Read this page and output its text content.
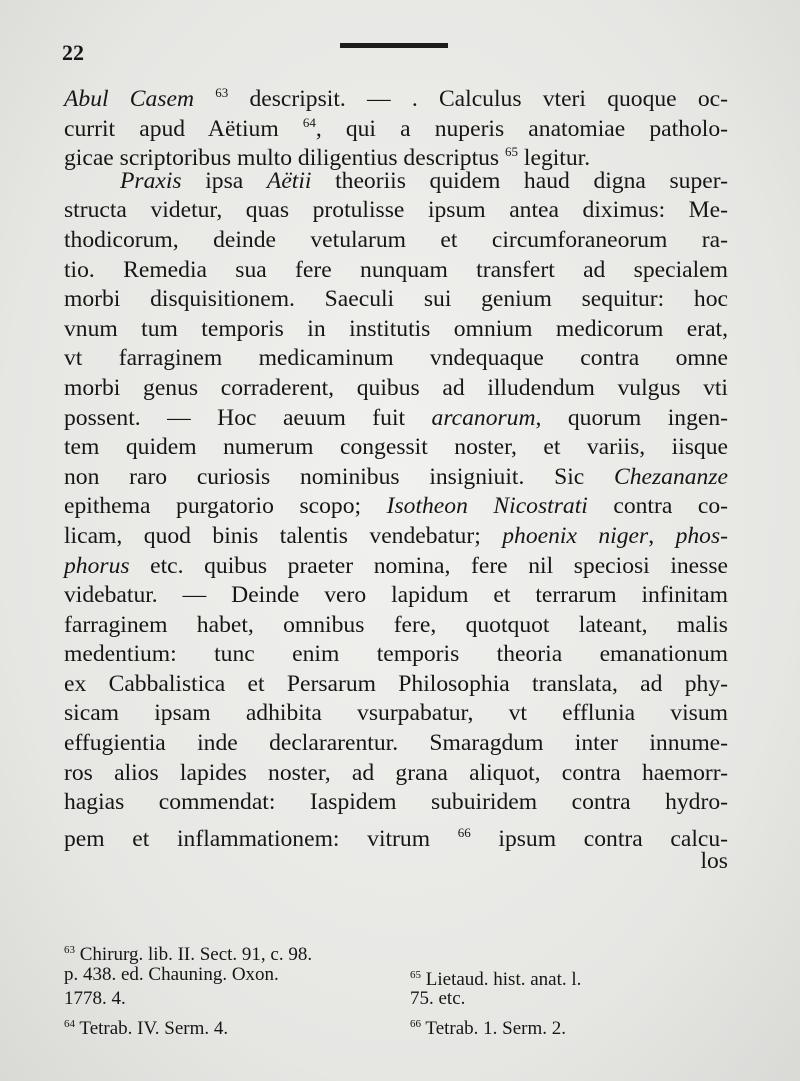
22
Abul Casem $^{63}$ descripsit. — . Calculus vteri quoque oc-
currit apud Aëtium $^{64}$, qui a nuperis anatomiae patholo-
gicae scriptoribus multo diligentius descriptus $^{65}$ legitur.
Praxis ipsa Aëtii theoriis quidem haud digna super-
structa videtur, quas protulisse ipsum antea diximus: Me-
thodicorum, deinde vetularum et circumforaneorum ra-
tio. Remedia sua fere nunquam transfert ad specialem
morbi disquisitionem. Saeculi sui genium sequitur: hoc
vnum tum temporis in institutis omnium medicorum erat,
vt farraginem medicaminum vndequaque contra omne
morbi genus corraderent, quibus ad illudendum vulgus vti
possent. — Hoc aeuum fuit arcanorum, quorum ingen-
tem quidem numerum congessit noster, et variis, iisque
non raro curiosis nominibus insigniuit. Sic Chezananze
epithema purgatorio scopo; Isotheon Nicostrati contra co-
licam, quod binis talentis vendebatur; phoenix niger, phos-
phorus etc. quibus praeter nomina, fere nil speciosi inesse
videbatur. — Deinde vero lapidum et terrarum infinitam
farraginem habet, omnibus fere, quotquot lateant, malis
medentium: tunc enim temporis theoria emanationum
ex Cabbalistica et Persarum Philosophia translata, ad phy-
sicam ipsam adhibita vsurpabatur, vt efflunia visum
effugientia inde declararentur. Smaragdum inter innume-
ros alios lapides noster, ad grana aliquot, contra haemorr-
hagias commendat: Iaspidem subuiridem contra hydro-
pem et inflammationem: vitrum $^{66}$ ipsum contra calcu-
los
$^{63}$ Chirurg. lib. II. Sect. 91, c. 98.
p. 438. ed. Chauning. Oxon.	$^{65}$ Lietaud. hist. anat. l.
1778. 4.	75. etc.
$^{64}$ Tetrab. IV. Serm. 4.	$^{66}$ Tetrab. 1. Serm. 2.
